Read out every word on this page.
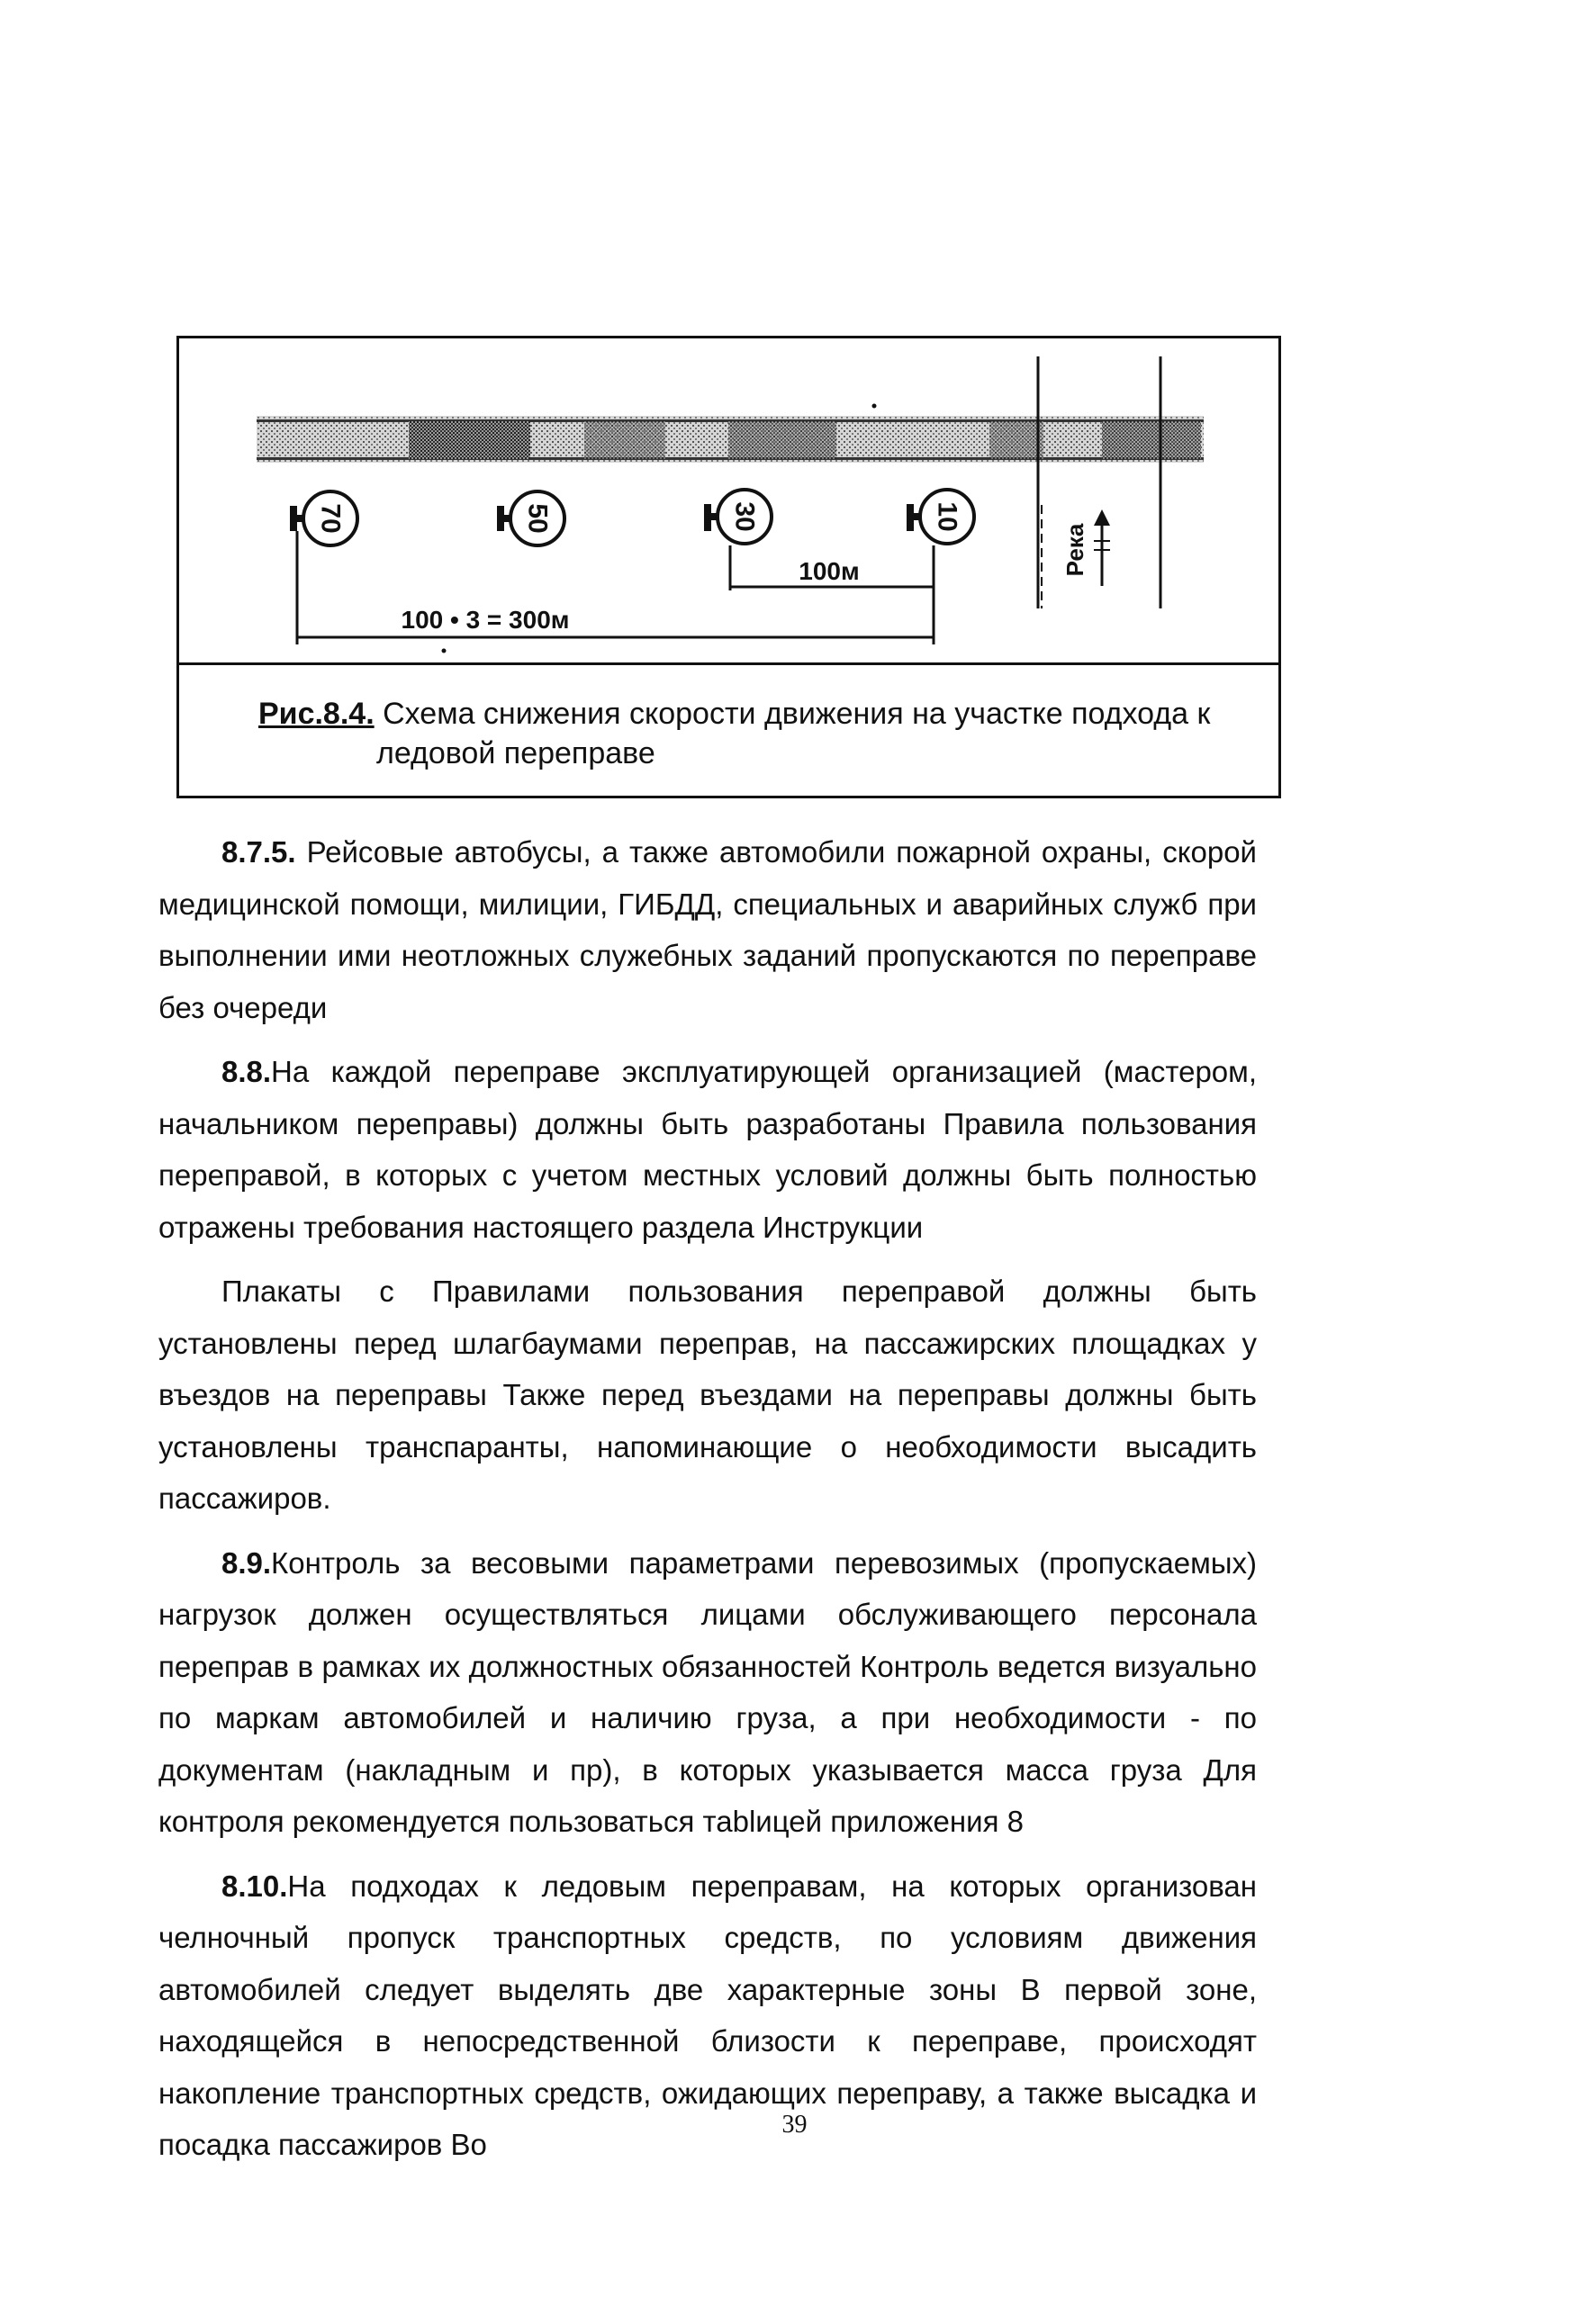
70	50	30	10
Река
100м
100 • 3 = 300м
Рис.8.4. Схема снижения скорости движения на участке подхода к
ледовой переправе

8.7.5. Рейсовые автобусы, а также автомобили пожарной охраны, скорой медицинской помощи, милиции, ГИБДД, специальных и аварийных служб при выполнении ими неотложных служебных заданий пропускаются по переправе без очереди

8.8.На каждой переправе эксплуатирующей организацией (мастером, начальником переправы) должны быть разработаны Правила пользования переправой, в которых с учетом местных условий должны быть полностью отражены требования настоящего раздела Инструкции

Плакаты с Правилами пользования переправой должны быть установлены перед шлагбаумами переправ, на пассажирских площадках у въездов на переправы Также перед въездами на переправы должны быть установлены транспаранты, напоминающие о необходимости высадить пассажиров.

8.9.Контроль за весовыми параметрами перевозимых (пропускаемых) нагрузок должен осуществляться лицами обслуживающего персонала переправ в рамках их должностных обязанностей Контроль ведется визуально по маркам автомобилей и наличию груза, а при необходимости - по документам (накладным и пр), в которых указывается масса груза Для контроля рекомендуется пользоваться таblицей приложения 8

8.10.На подходах к ледовым переправам, на которых организован челночный пропуск транспортных средств, по условиям движения автомобилей следует выделять две характерные зоны В первой зоне, находящейся в непосредственной близости к переправе, происходят накопление транспортных средств, ожидающих переправу, а также высадка и посадка пассажиров Во

39
